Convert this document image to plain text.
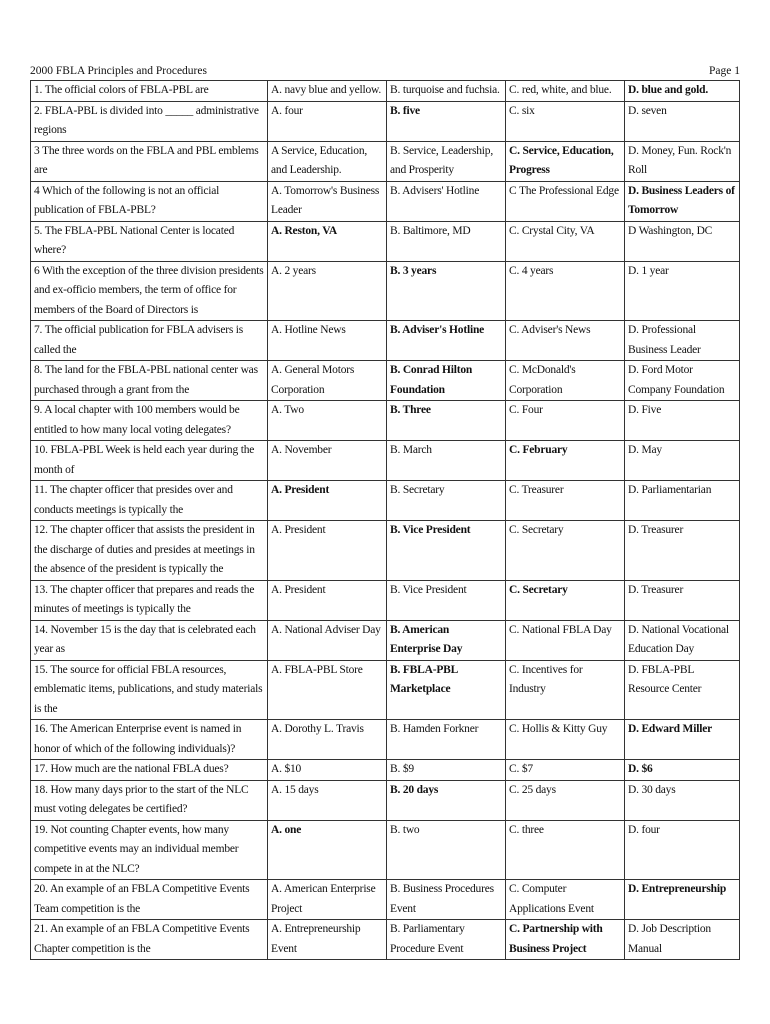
2000 FBLA Principles and Procedures	Page 1
1. The official colors of FBLA-PBL are	A. navy blue and yellow.	B. turquoise and fuchsia.	C. red, white, and blue.	D. blue and gold.
2. FBLA-PBL is divided into _____ administrative regions	A. four	B. five	C. six	D. seven
3 The three words on the FBLA and PBL emblems are	A Service, Education, and Leadership.	B. Service, Leadership, and Prosperity	C. Service, Education, Progress	D. Money, Fun. Rock'n Roll
4 Which of the following is not an official publication of FBLA-PBL?	A. Tomorrow's Business Leader	B. Advisers' Hotline	C The Professional Edge	D. Business Leaders of Tomorrow
5. The FBLA-PBL National Center is located where?	A. Reston, VA	B. Baltimore, MD	C. Crystal City, VA	D Washington, DC
6 With the exception of the three division presidents and ex-officio members, the term of office for members of the Board of Directors is	A. 2 years	B. 3 years	C. 4 years	D. 1 year
7. The official publication for FBLA advisers is called the	A. Hotline News	B. Adviser's Hotline	C. Adviser's News	D. Professional Business Leader
8. The land for the FBLA-PBL national center was purchased through a grant from the	A. General Motors Corporation	B. Conrad Hilton Foundation	C. McDonald's Corporation	D. Ford Motor Company Foundation
9. A local chapter with 100 members would be entitled to how many local voting delegates?	A. Two	B. Three	C. Four	D. Five
10. FBLA-PBL Week is held each year during the month of	A. November	B. March	C. February	D. May
11. The chapter officer that presides over and conducts meetings is typically the	A. President	B. Secretary	C. Treasurer	D. Parliamentarian
12. The chapter officer that assists the president in the discharge of duties and presides at meetings in the absence of the president is typically the	A. President	B. Vice President	C. Secretary	D. Treasurer
13. The chapter officer that prepares and reads the minutes of meetings is typically the	A. President	B. Vice President	C. Secretary	D. Treasurer
14. November 15 is the day that is celebrated each year as	A. National Adviser Day	B. American Enterprise Day	C. National FBLA Day	D. National Vocational Education Day
15. The source for official FBLA resources, emblematic items, publications, and study materials is the	A. FBLA-PBL Store	B. FBLA-PBL Marketplace	C. Incentives for Industry	D. FBLA-PBL Resource Center
16. The American Enterprise event is named in honor of which of the following individuals)?	A. Dorothy L. Travis	B. Hamden Forkner	C. Hollis & Kitty Guy	D. Edward Miller
17. How much are the national FBLA dues?	A. $10	B. $9	C. $7	D. $6
18. How many days prior to the start of the NLC must voting delegates be certified?	A. 15 days	B. 20 days	C. 25 days	D. 30 days
19. Not counting Chapter events, how many competitive events may an individual member compete in at the NLC?	A. one	B. two	C. three	D. four
20. An example of an FBLA Competitive Events Team competition is the	A. American Enterprise Project	B. Business Procedures Event	C. Computer Applications Event	D. Entrepreneurship
21. An example of an FBLA Competitive Events Chapter competition is the	A. Entrepreneurship Event	B. Parliamentary Procedure Event	C. Partnership with Business Project	D. Job Description Manual
